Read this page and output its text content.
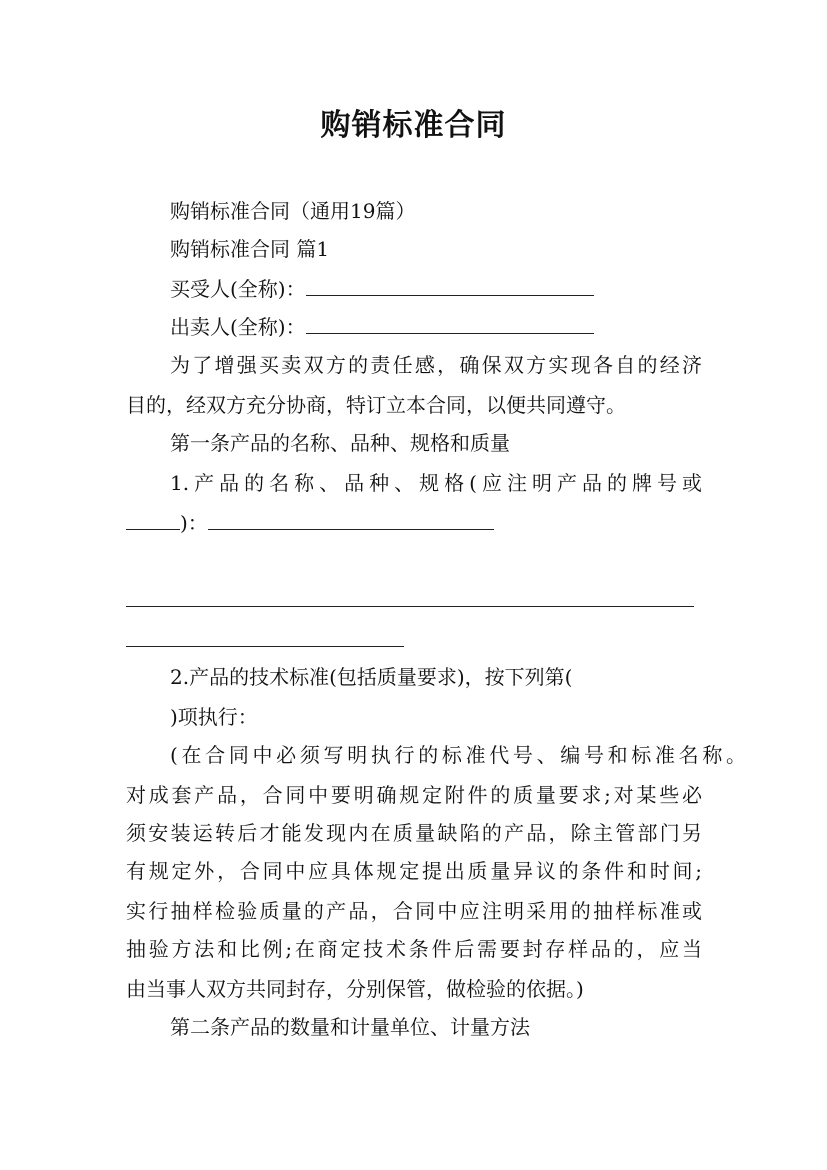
购销标准合同
购销标准合同（通用19篇）
购销标准合同 篇1
买受人(全称)：
出卖人(全称)：
为了增强买卖双方的责任感，确保双方实现各自的经济
目的，经双方充分协商，特订立本合同，以便共同遵守。
第一条产品的名称、品种、规格和质量
1.产品的名称、品种、规格(应注明产品的牌号或
)：
2.产品的技术标准(包括质量要求)，按下列第(
)项执行：
(在合同中必须写明执行的标准代号、编号和标准名称。
对成套产品，合同中要明确规定附件的质量要求;对某些必
须安装运转后才能发现内在质量缺陷的产品，除主管部门另
有规定外，合同中应具体规定提出质量异议的条件和时间;
实行抽样检验质量的产品，合同中应注明采用的抽样标准或
抽验方法和比例;在商定技术条件后需要封存样品的，应当
由当事人双方共同封存，分别保管，做检验的依据。)
第二条产品的数量和计量单位、计量方法
